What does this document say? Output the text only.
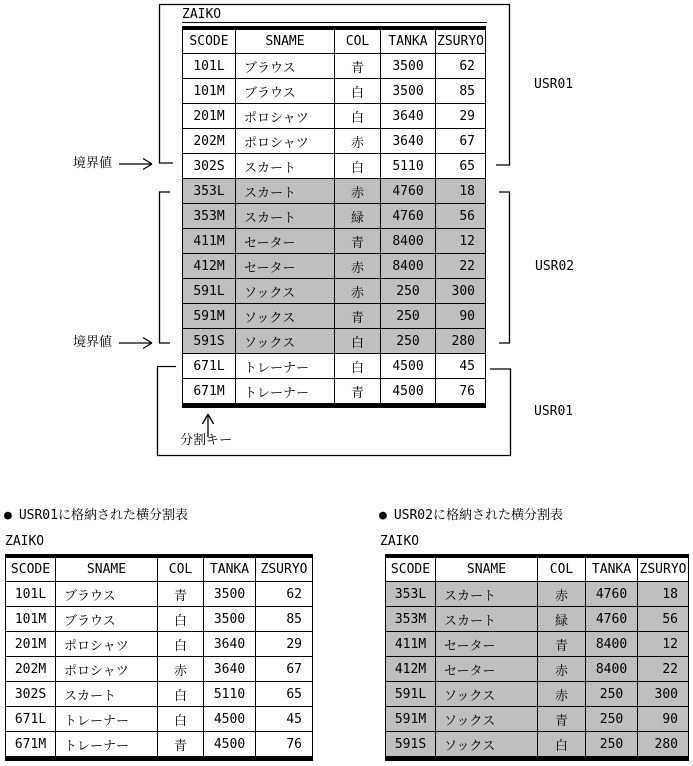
ZAIKO
SCODE	SNAME	COL	TANKA	ZSURYO
101L	ブラウス	青	3500	62
101M	ブラウス	白	3500	85
201M	ポロシャツ	白	3640	29
202M	ポロシャツ	赤	3640	67
302S	スカート	白	5110	65
353L	スカート	赤	4760	18
353M	スカート	緑	4760	56
411M	セーター	青	8400	12
412M	セーター	赤	8400	22
591L	ソックス	赤	250	300
591M	ソックス	青	250	90
591S	ソックス	白	250	280
671L	トレーナー	白	4500	45
671M	トレーナー	青	4500	76
USR01
USR02
USR01
境界値
境界値
分割キー
● USR01に格納された横分割表
ZAIKO
SCODE	SNAME	COL	TANKA	ZSURYO
101L	ブラウス	青	3500	62
101M	ブラウス	白	3500	85
201M	ポロシャツ	白	3640	29
202M	ポロシャツ	赤	3640	67
302S	スカート	白	5110	65
671L	トレーナー	白	4500	45
671M	トレーナー	青	4500	76
● USR02に格納された横分割表
ZAIKO
SCODE	SNAME	COL	TANKA	ZSURYO
353L	スカート	赤	4760	18
353M	スカート	緑	4760	56
411M	セーター	青	8400	12
412M	セーター	赤	8400	22
591L	ソックス	赤	250	300
591M	ソックス	青	250	90
591S	ソックス	白	250	280
